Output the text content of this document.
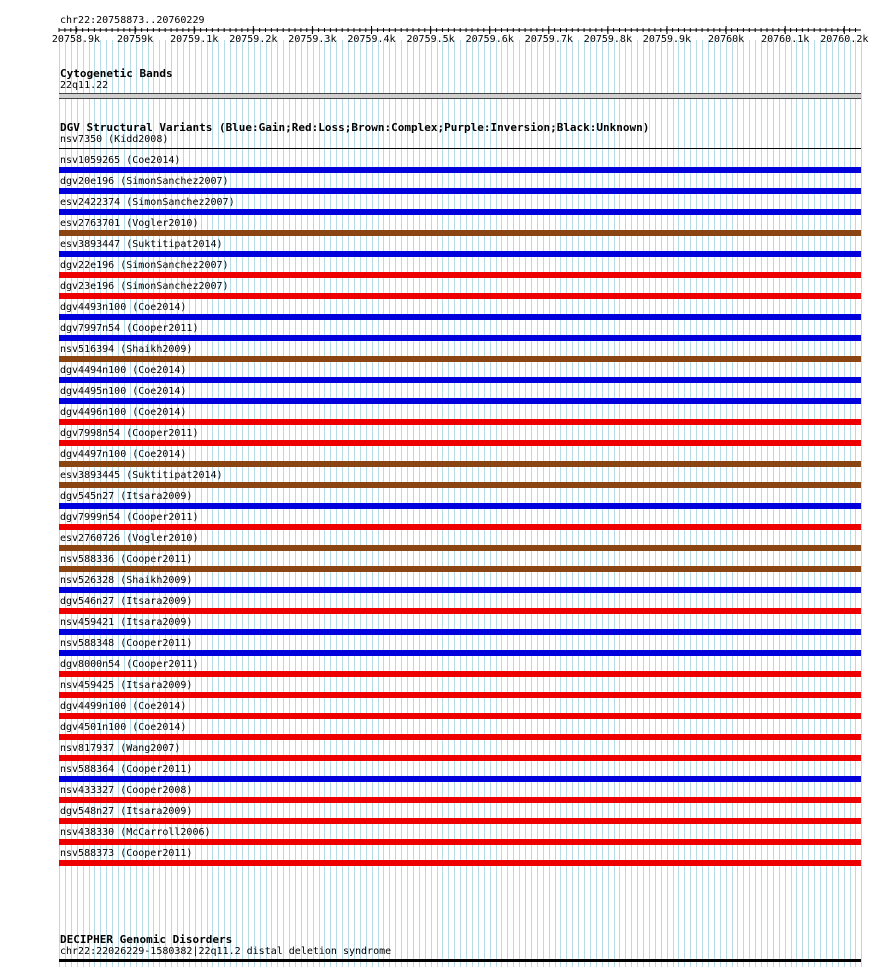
chr22:20758873..20760229
20758.9k 20759k 20759.1k 20759.2k 20759.3k 20759.4k 20759.5k 20759.6k 20759.7k 20759.8k 20759.9k 20760k 20760.1k 20760.2k
Cytogenetic Bands
22q11.22
DGV Structural Variants (Blue:Gain;Red:Loss;Brown:Complex;Purple:Inversion;Black:Unknown)
nsv7350 (Kidd2008)
nsv1059265 (Coe2014)
dgv20e196 (SimonSanchez2007)
esv2422374 (SimonSanchez2007)
esv2763701 (Vogler2010)
esv3893447 (Suktitipat2014)
dgv22e196 (SimonSanchez2007)
dgv23e196 (SimonSanchez2007)
dgv4493n100 (Coe2014)
dgv7997n54 (Cooper2011)
nsv516394 (Shaikh2009)
dgv4494n100 (Coe2014)
dgv4495n100 (Coe2014)
dgv4496n100 (Coe2014)
dgv7998n54 (Cooper2011)
dgv4497n100 (Coe2014)
esv3893445 (Suktitipat2014)
dgv545n27 (Itsara2009)
dgv7999n54 (Cooper2011)
esv2760726 (Vogler2010)
nsv588336 (Cooper2011)
nsv526328 (Shaikh2009)
dgv546n27 (Itsara2009)
nsv459421 (Itsara2009)
nsv588348 (Cooper2011)
dgv8000n54 (Cooper2011)
nsv459425 (Itsara2009)
dgv4499n100 (Coe2014)
dgv4501n100 (Coe2014)
nsv817937 (Wang2007)
nsv588364 (Cooper2011)
nsv433327 (Cooper2008)
dgv548n27 (Itsara2009)
nsv438330 (McCarroll2006)
nsv588373 (Cooper2011)
DECIPHER Genomic Disorders
chr22:22026229-1580382|22q11.2 distal deletion syndrome
